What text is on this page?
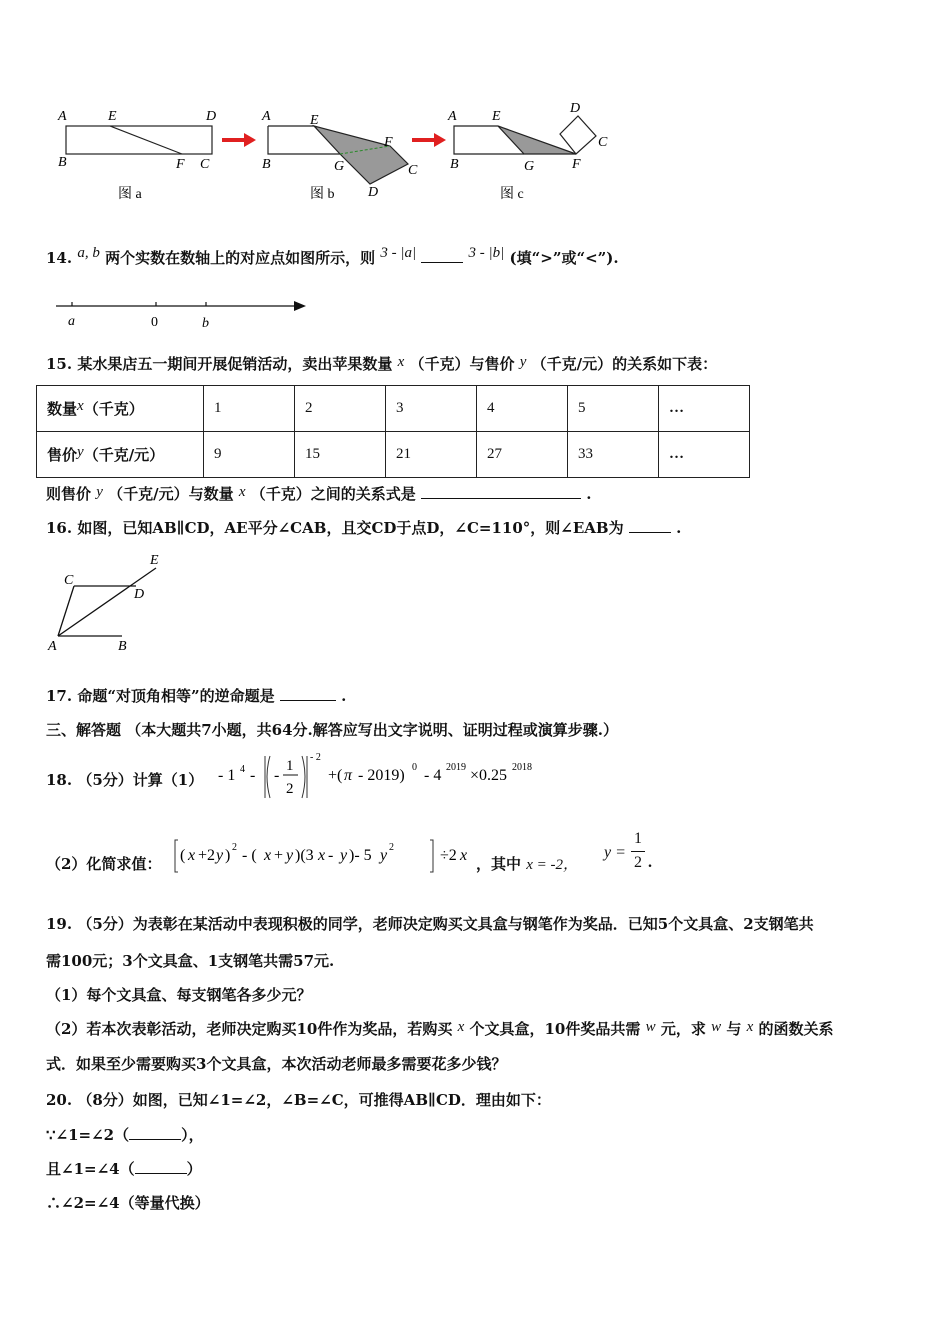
A	E	D
B	F C
图 a
A	E
F
B	G	C
D
图 b
A	E
D
B	G	F
C
图 c
14. a, b 两个实数在数轴上的对应点如图所示，则 3 - |a|	3 - |b| (填“>”或“<”).
a	0	b
15. 某水果店五一期间开展促销活动，卖出苹果数量 x （千克）与售价 y （千克/元）的关系如下表：
数量x（千克）	1	2	3	4	5	…
售价y（千克/元）	9	15	21	27	33	…
则售价 y （千克/元）与数量 x （千克）之间的关系式是	.
16. 如图，已知AB∥CD，AE平分∠CAB，且交CD于点D，∠C=110°，则∠EAB为	.
E
C
D
A	B
17. 命题“对顶角相等”的逆命题是	.
三、解答题 （本大题共7小题，共64分.解答应写出文字说明、证明过程或演算步骤.）
18. （5分）计算（1） - 1 4 - -
1
2
- 2
+( π - 2019) 0 - 4 2019 ×0.25 2018
（2）化简求值： ( x +2 y ) 2 - ( x + y )(3 x - y )- 5 y 2	÷2 x ，其中 x = -2，
y =
1
2 .
19. （5分）为表彰在某活动中表现积极的同学，老师决定购买文具盒与钢笔作为奖品．已知5个文具盒、2支钢笔共
需100元；3个文具盒、1支钢笔共需57元.
（1）每个文具盒、每支钢笔各多少元？
（2）若本次表彰活动，老师决定购买10件作为奖品，若购买 x 个文具盒，10件奖品共需 w 元，求 w 与 x 的函数关系
式．如果至少需要购买3个文具盒，本次活动老师最多需要花多少钱？
20. （8分）如图，已知∠1=∠2，∠B=∠C，可推得AB∥CD．理由如下：
∵∠1=∠2（	），
且∠1=∠4（	）
∴∠2=∠4（等量代换）
